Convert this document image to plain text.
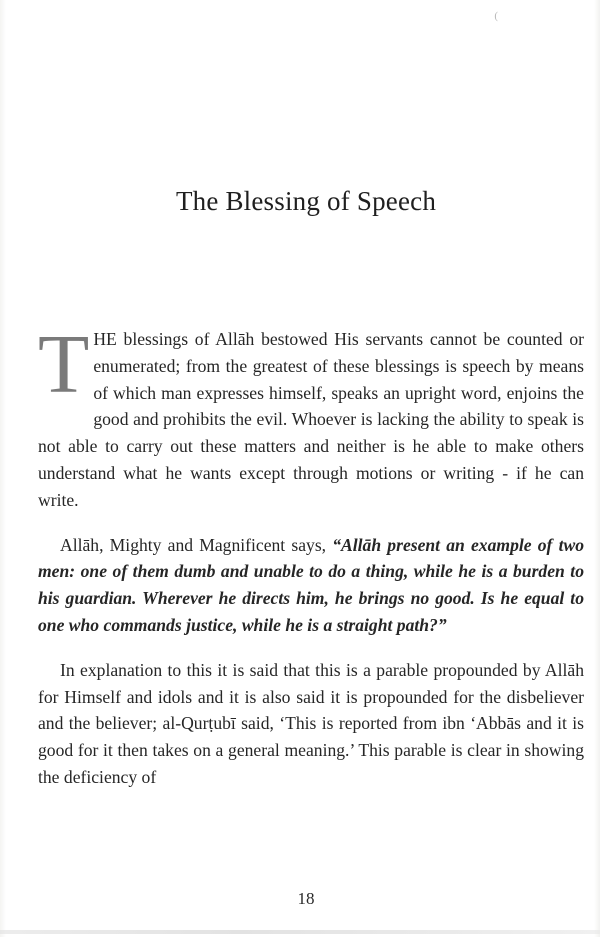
(
The Blessing of Speech

THE blessings of Allāh bestowed His servants cannot be counted or enumerated; from the greatest of these blessings is speech by means of which man expresses himself, speaks an upright word, enjoins the good and prohibits the evil. Whoever is lacking the ability to speak is not able to carry out these matters and neither is he able to make others understand what he wants except through motions or writing - if he can write.

Allāh, Mighty and Magnificent says, “Allāh present an example of two men: one of them dumb and unable to do a thing, while he is a burden to his guardian. Wherever he directs him, he brings no good. Is he equal to one who commands justice, while he is a straight path?”

In explanation to this it is said that this is a parable propounded by Allāh for Himself and idols and it is also said it is propounded for the disbeliever and the believer; al-Qurṭubī said, ‘This is reported from ibn ‘Abbās and it is good for it then takes on a general meaning.’ This parable is clear in showing the deficiency of

18
